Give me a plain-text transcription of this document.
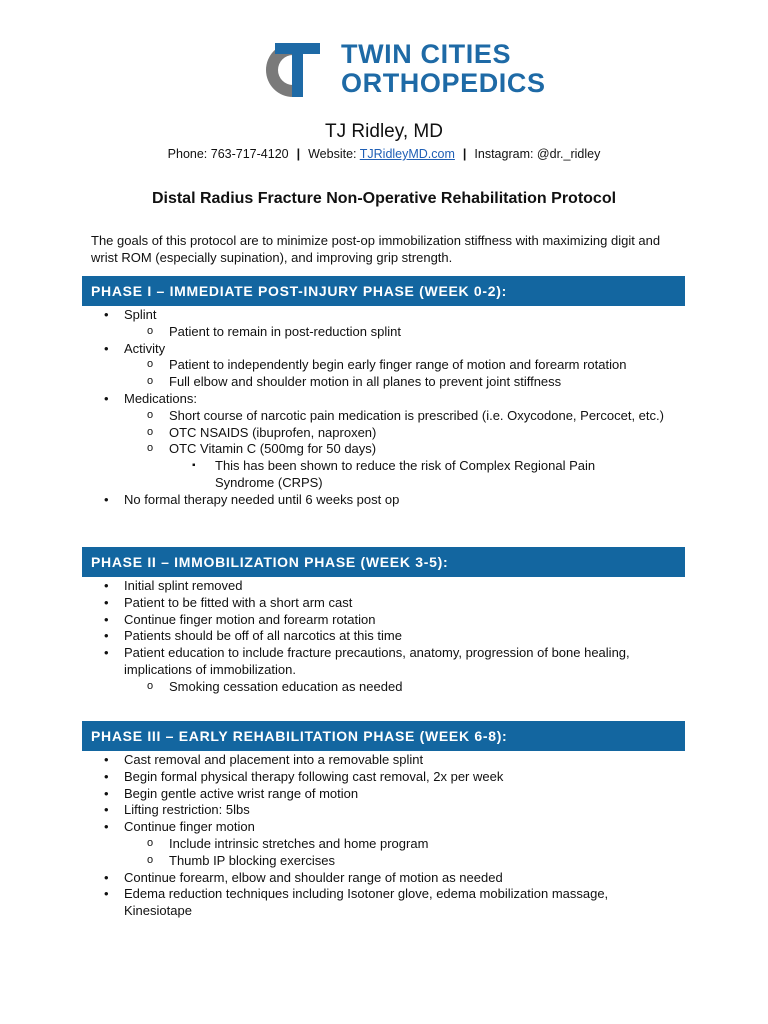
TWIN CITIES
ORTHOPEDICS
TJ Ridley, MD
Phone: 763-717-4120 | Website: TJRidleyMD.com | Instagram: @dr._ridley
Distal Radius Fracture Non-Operative Rehabilitation Protocol
The goals of this protocol are to minimize post-op immobilization stiffness with maximizing digit and wrist ROM (especially supination), and improving grip strength.
PHASE I – IMMEDIATE POST-INJURY PHASE (WEEK 0-2):
• Splint
o Patient to remain in post-reduction splint
• Activity
o Patient to independently begin early finger range of motion and forearm rotation
o Full elbow and shoulder motion in all planes to prevent joint stiffness
• Medications:
o Short course of narcotic pain medication is prescribed (i.e. Oxycodone, Percocet, etc.)
o OTC NSAIDS (ibuprofen, naproxen)
o OTC Vitamin C (500mg for 50 days)
▪ This has been shown to reduce the risk of Complex Regional Pain Syndrome (CRPS)
• No formal therapy needed until 6 weeks post op
PHASE II – IMMOBILIZATION PHASE (WEEK 3-5):
• Initial splint removed
• Patient to be fitted with a short arm cast
• Continue finger motion and forearm rotation
• Patients should be off of all narcotics at this time
• Patient education to include fracture precautions, anatomy, progression of bone healing, implications of immobilization.
o Smoking cessation education as needed
PHASE III – EARLY REHABILITATION PHASE (WEEK 6-8):
• Cast removal and placement into a removable splint
• Begin formal physical therapy following cast removal, 2x per week
• Begin gentle active wrist range of motion
• Lifting restriction: 5lbs
• Continue finger motion
o Include intrinsic stretches and home program
o Thumb IP blocking exercises
• Continue forearm, elbow and shoulder range of motion as needed
• Edema reduction techniques including Isotoner glove, edema mobilization massage, Kinesiotape
